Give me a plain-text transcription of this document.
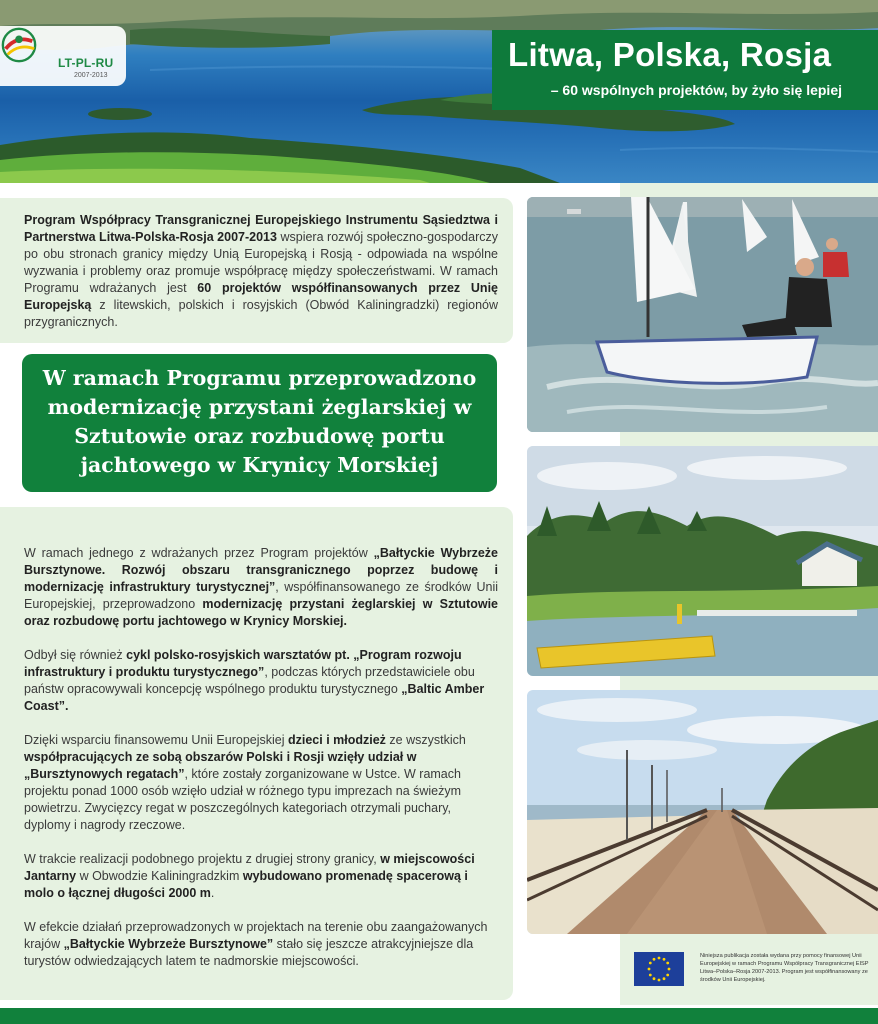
LT-PL-RU
2007-2013
Litwa, Polska, Rosja
– 60 wspólnych projektów, by żyło się lepiej
Program Współpracy Transgranicznej Europejskiego Instrumentu Sąsiedztwa i Partnerstwa Litwa-Polska-Rosja 2007-2013 wspiera rozwój społeczno-gospodarczy po obu stronach granicy między Unią Europejską i Rosją - odpowiada na wspólne wyzwania i problemy oraz promuje współpracę między społeczeństwami. W ramach Programu wdrażanych jest 60 projektów współfinansowanych przez Unię Europejską z litewskich, polskich i rosyjskich (Obwód Kaliningradzki) regionów przygranicznych.
W ramach Programu przeprowadzono modernizację przystani żeglarskiej w Sztutowie oraz rozbudowę portu jachtowego w Krynicy Morskiej

W ramach jednego z wdrażanych przez Program projektów „Bałtyckie Wybrzeże Bursztynowe. Rozwój obszaru transgranicznego poprzez budowę i modernizację infrastruktury turystycznej”, współfinansowanego ze środków Unii Europejskiej, przeprowadzono modernizację przystani żeglarskiej w Sztutowie oraz rozbudowę portu jachtowego w Krynicy Morskiej.

Odbył się również cykl polsko-rosyjskich warsztatów pt. „Program rozwoju infrastruktury i produktu turystycznego”, podczas których przedstawiciele obu państw opracowywali koncepcję wspólnego produktu turystycznego „Baltic Amber Coast”.

Dzięki wsparciu finansowemu Unii Europejskiej dzieci i młodzież ze wszystkich współpracujących ze sobą obszarów Polski i Rosji wzięły udział w „Bursztynowych regatach”, które zostały zorganizowane w Ustce. W ramach projektu ponad 1000 osób wzięło udział w różnego typu imprezach na świeżym powietrzu. Zwycięzcy regat w poszczególnych kategoriach otrzymali puchary, dyplomy i nagrody rzeczowe.

W trakcie realizacji podobnego projektu z drugiej strony granicy, w miejscowości Jantarny w Obwodzie Kaliningradzkim wybudowano promenadę spacerową i molo o łącznej długości 2000 m.

W efekcie działań przeprowadzonych w projektach na terenie obu zaangażowanych krajów „Bałtyckie Wybrzeże Bursztynowe” stało się jeszcze atrakcyjniejsze dla turystów odwiedzających latem te nadmorskie miejscowości.	Niniejsza publikacja została wydana przy pomocy finansowej Unii Europejskiej w ramach Programu Współpracy Transgranicznej EISP Litwa–Polska–Rosja 2007-2013. Program jest współfinansowany ze środków Unii Europejskiej.
